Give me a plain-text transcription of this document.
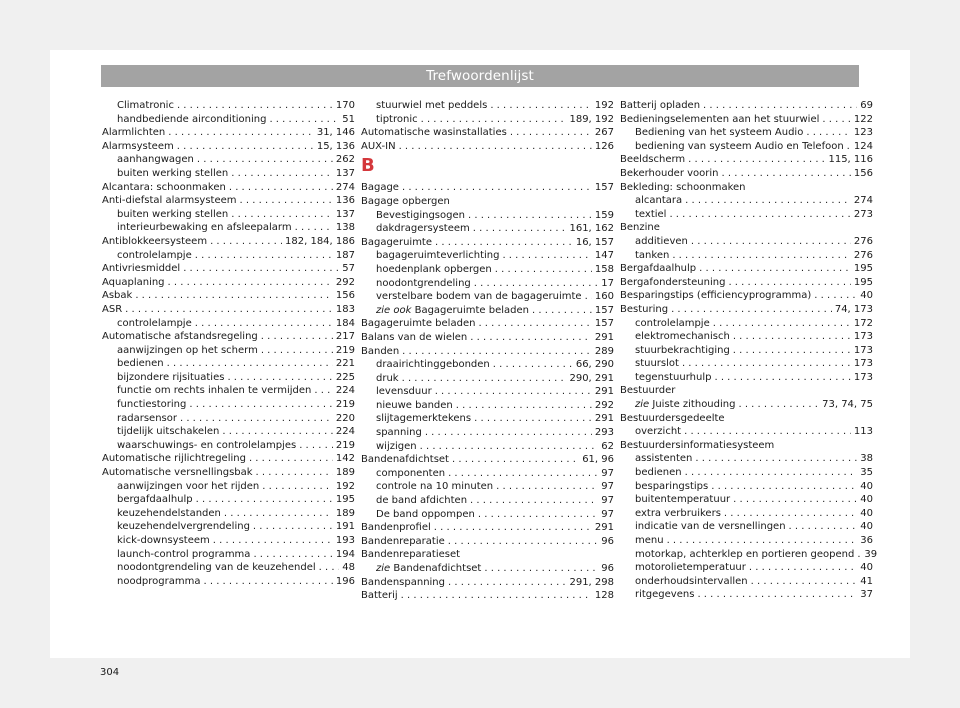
Trefwoordenlijst
Climatronic . . .	170
handbediende airconditioning . . .	51
Alarmlichten . . .	31, 146
Alarmsysteem . . .	15, 136
aanhangwagen . . .	262
buiten werking stellen . . .	137
Alcantara: schoonmaken . . .	274
Anti-diefstal alarmsysteem . . .	136
buiten werking stellen . . .	137
interieurbewaking en afsleepalarm . . .	138
Antiblokkeersysteem . . .	182, 184, 186
controlelampje . . .	187
Antivriesmiddel . . .	57
Aquaplaning . . .	292
Asbak . . .	156
ASR . . .	183
controlelampje . . .	184
Automatische afstandsregeling . . .	217
aanwijzingen op het scherm . . .	219
bedienen . . .	221
bijzondere rijsituaties . . .	225
functie om rechts inhalen te vermijden . . . 224
functiestoring . . .	219
radarsensor . . .	220
tijdelijk uitschakelen . . .	224
waarschuwings- en controlelampjes . . .	219
Automatische rijlichtregeling . . .	142
Automatische versnellingsbak . . .	189
aanwijzingen voor het rijden . . .	192
bergafdaalhulp . . .	195
keuzehendelstanden . . .	189
keuzehendelvergrendeling . . .	191
kick-downsysteem . . .	193
launch-control programma . . .	194
noodontgrendeling van de keuzehendel . . .	48
noodprogramma . . .	196
stuurwiel met peddels . . .	192
tiptronic . . .	189, 192
Automatische wasinstallaties . . .	267
AUX-IN . . .	126
B
Bagage . . .	157
Bagage opbergen
Bevestigingsogen . . .	159
dakdragersysteem . . .	161, 162
Bagageruimte . . .	16, 157
bagageruimteverlichting . . .	147
hoedenplank opbergen . . .	158
noodontgrendeling . . .	17
verstelbare bodem van de bagageruimte . . . 160
zie ook Bagageruimte beladen . . .	157
Bagageruimte beladen . . .	157
Balans van de wielen . . .	291
Banden . . .	289
draairichtinggebonden . . .	66, 290
druk . . .	290, 291
levensduur . . .	291
nieuwe banden . . .	292
slijtagemerktekens . . .	291
spanning . . .	293
wijzigen . . .	62
Bandenafdichtset . . .	61, 96
componenten . . .	97
controle na 10 minuten . . .	97
de band afdichten . . .	97
De band oppompen . . .	97
Bandenprofiel . . .	291
Bandenreparatie . . .	96
Bandenreparatieset
zie Bandenafdichtset . . .	96
Bandenspanning . . .	291, 298
Batterij . . .	128
Batterij opladen . . .	69
Bedieningselementen aan het stuurwiel . . .	122
Bediening van het systeem Audio . . .	123
bediening van systeem Audio en Telefoon . . . 124
Beeldscherm . . .	115, 116
Bekerhouder voorin . . .	156
Bekleding: schoonmaken
alcantara . . .	274
textiel . . .	273
Benzine
additieven . . .	276
tanken . . .	276
Bergafdaalhulp . . .	195
Bergafondersteuning . . .	195
Besparingstips (efficiencyprogramma) . . .	40
Besturing . . .	74, 173
controlelampje . . .	172
elektromechanisch . . .	173
stuurbekrachtiging . . .	173
stuurslot . . .	173
tegenstuurhulp . . .	173
Bestuurder
zie Juiste zithouding . . .	73, 74, 75
Bestuurdersgedeelte
overzicht . . .	113
Bestuurdersinformatiesysteem
assistenten . . .	38
bedienen . . .	35
besparingstips . . .	40
buitentemperatuur . . .	40
extra verbruikers . . .	40
indicatie van de versnellingen . . .	40
menu . . .	36
motorkap, achterklep en portieren geopend . . . 39
motorolietemperatuur . . .	40
onderhoudsintervallen . . .	41
ritgegevens . . .	37
304
